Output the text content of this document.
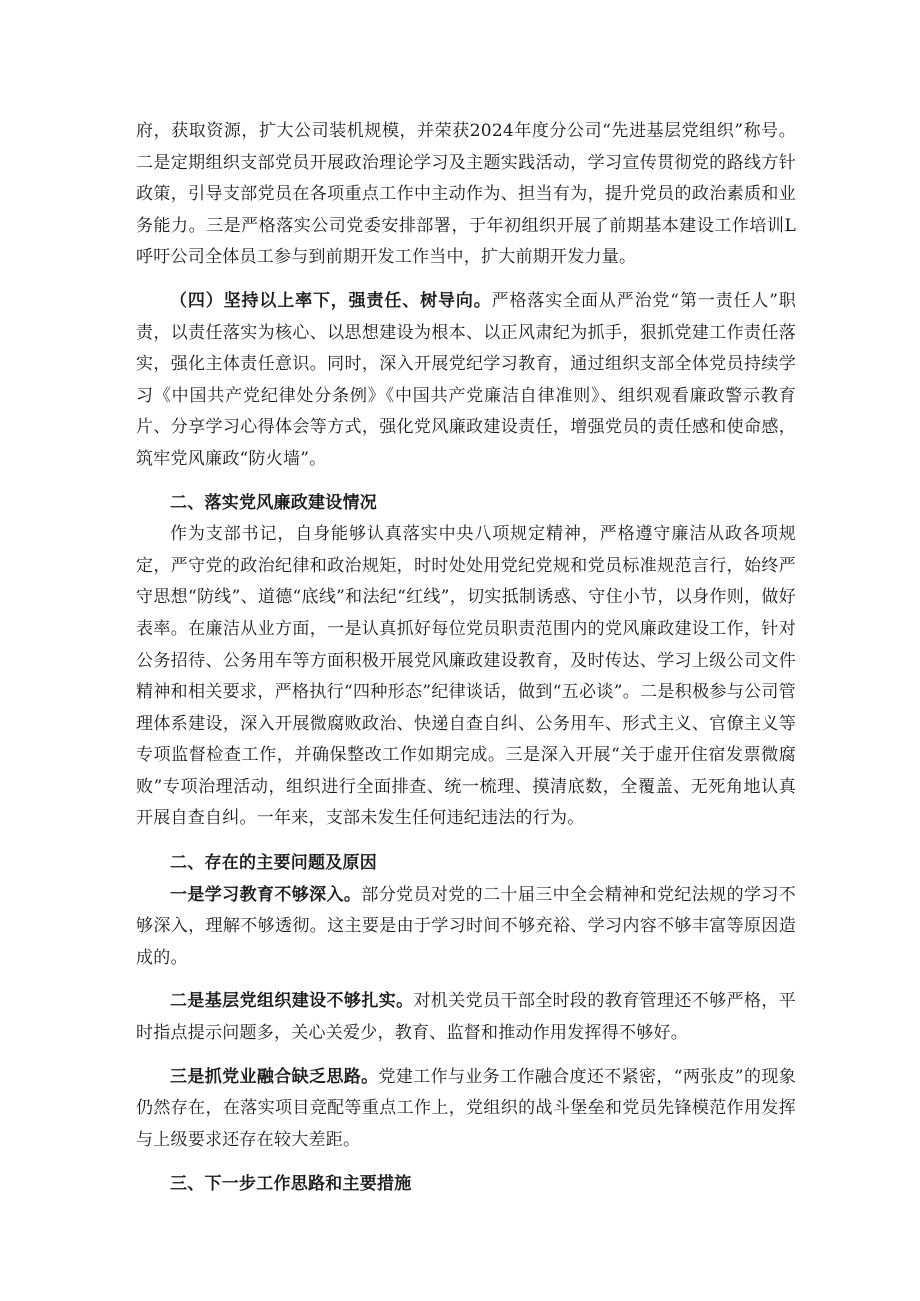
府，获取资源，扩大公司装机规模，并荣获2024年度分公司“先进基层党组织”称号。二是定期组织支部党员开展政治理论学习及主题实践活动，学习宣传贯彻党的路线方针政策，引导支部党员在各项重点工作中主动作为、担当有为，提升党员的政治素质和业务能力。三是严格落实公司党委安排部署，于年初组织开展了前期基本建设工作培训L呼吁公司全体员工参与到前期开发工作当中，扩大前期开发力量。

（四）坚持以上率下，强责任、树导向。严格落实全面从严治党“第一责任人”职责，以责任落实为核心、以思想建设为根本、以正风肃纪为抓手，狠抓党建工作责任落实，强化主体责任意识。同时，深入开展党纪学习教育，通过组织支部全体党员持续学习《中国共产党纪律处分条例》《中国共产党廉洁自律准则》、组织观看廉政警示教育片、分享学习心得体会等方式，强化党风廉政建设责任，增强党员的责任感和使命感，筑牢党风廉政“防火墙”。

二、落实党风廉政建设情况

作为支部书记，自身能够认真落实中央八项规定精神，严格遵守廉洁从政各项规定，严守党的政治纪律和政治规矩，时时处处用党纪党规和党员标准规范言行，始终严守思想“防线”、道德“底线”和法纪“红线”，切实抵制诱惑、守住小节，以身作则，做好表率。在廉洁从业方面，一是认真抓好每位党员职责范围内的党风廉政建设工作，针对公务招待、公务用车等方面积极开展党风廉政建设教育，及时传达、学习上级公司文件精神和相关要求，严格执行“四种形态”纪律谈话，做到“五必谈”。二是积极参与公司管理体系建设，深入开展微腐败政治、快递自查自纠、公务用车、形式主义、官僚主义等专项监督检查工作，并确保整改工作如期完成。三是深入开展“关于虚开住宿发票微腐败”专项治理活动，组织进行全面排查、统一梳理、摸清底数，全覆盖、无死角地认真开展自查自纠。一年来，支部未发生任何违纪违法的行为。

二、存在的主要问题及原因

一是学习教育不够深入。部分党员对党的二十届三中全会精神和党纪法规的学习不够深入，理解不够透彻。这主要是由于学习时间不够充裕、学习内容不够丰富等原因造成的。

二是基层党组织建设不够扎实。对机关党员干部全时段的教育管理还不够严格，平时指点提示问题多，关心关爱少，教育、监督和推动作用发挥得不够好。

三是抓党业融合缺乏思路。党建工作与业务工作融合度还不紧密，“两张皮”的现象仍然存在，在落实项目竞配等重点工作上，党组织的战斗堡垒和党员先锋模范作用发挥与上级要求还存在较大差距。

三、下一步工作思路和主要措施
